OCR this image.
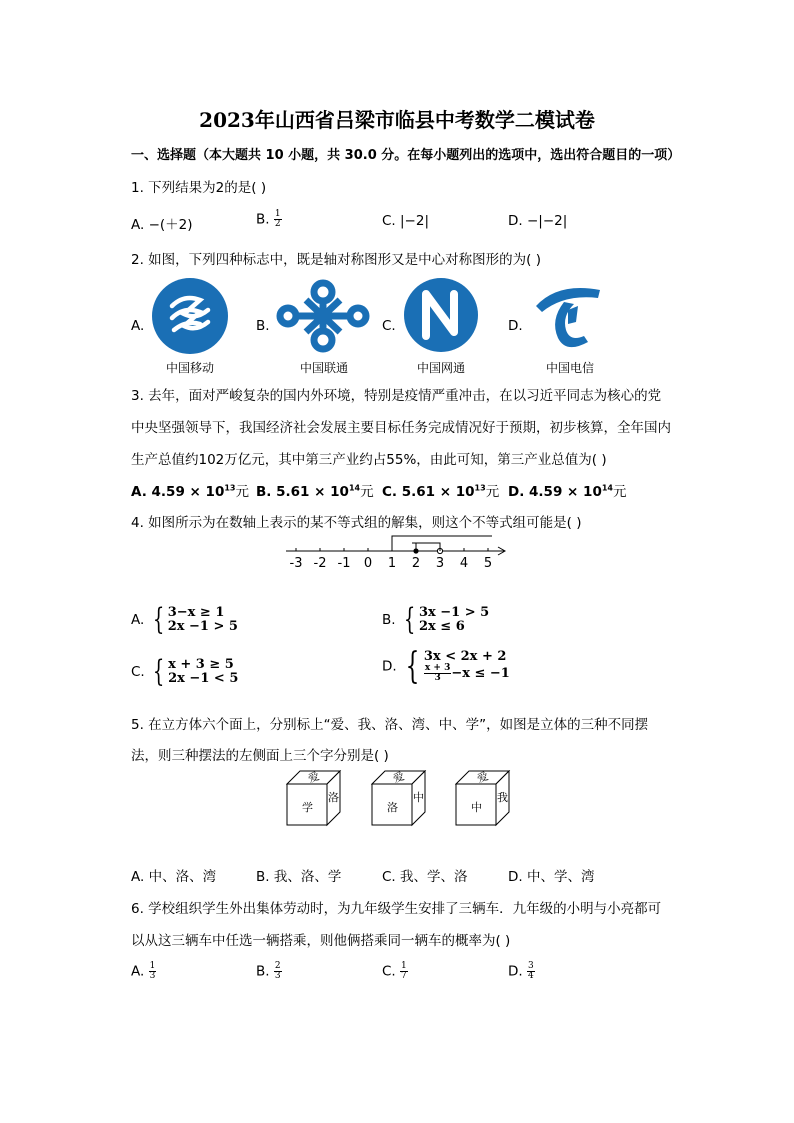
2023年山西省吕梁市临县中考数学二模试卷
一、选择题（本大题共 10 小题，共 30.0 分。在每小题列出的选项中，选出符合题目的一项）
1. 下列结果为2的是( )
A. −(＋2)	B. $\frac{1}{2}$	C. |−2|	D. −|−2|
2. 如图，下列四种标志中，既是轴对称图形又是中心对称图形的为( )
A.	B.	C.	D.
中国移动	中国联通	中国网通	中国电信
3. 去年，面对严峻复杂的国内外环境，特别是疫情严重冲击，在以习近平同志为核心的党
中央坚强领导下，我国经济社会发展主要目标任务完成情况好于预期，初步核算，全年国内
生产总值约102万亿元，其中第三产业约占55%，由此可知，第三产业总值为( )
A. $4.59 \times 10^{13}$元 B. $5.61 \times 10^{14}$元 C. $5.61 \times 10^{13}$元 D. $4.59 \times 10^{14}$元
4. 如图所示为在数轴上表示的某不等式组的解集，则这个不等式组可能是( )
-3 -2 -1 0 1 2 3 4 5
A. { 3−x ≥ 1
2x −1 > 5	B. { 3x −1 > 5
2x ≤ 6
C. { x + 3 ≥ 5
2x −1 < 5
D. { 3x < 2x + 2

$\frac{x + 3}{3} -x \le -1$
5. 在立方体六个面上，分别标上“爱、我、洛、湾、中、学”，如图是立体的三种不同摆
法，则三种摆法的左侧面上三个字分别是( )
爱
学
洛
爱
洛
中
爱
中
我
A. 中、洛、湾	B. 我、洛、学	C. 我、学、洛	D. 中、学、湾
6. 学校组织学生外出集体劳动时，为九年级学生安排了三辆车．九年级的小明与小亮都可
以从这三辆车中任选一辆搭乘，则他俩搭乘同一辆车的概率为( )
A. $\frac{1}{3}$	B. $\frac{2}{3}$	C. $\frac{1}{7}$	D. $\frac{3}{4}$
